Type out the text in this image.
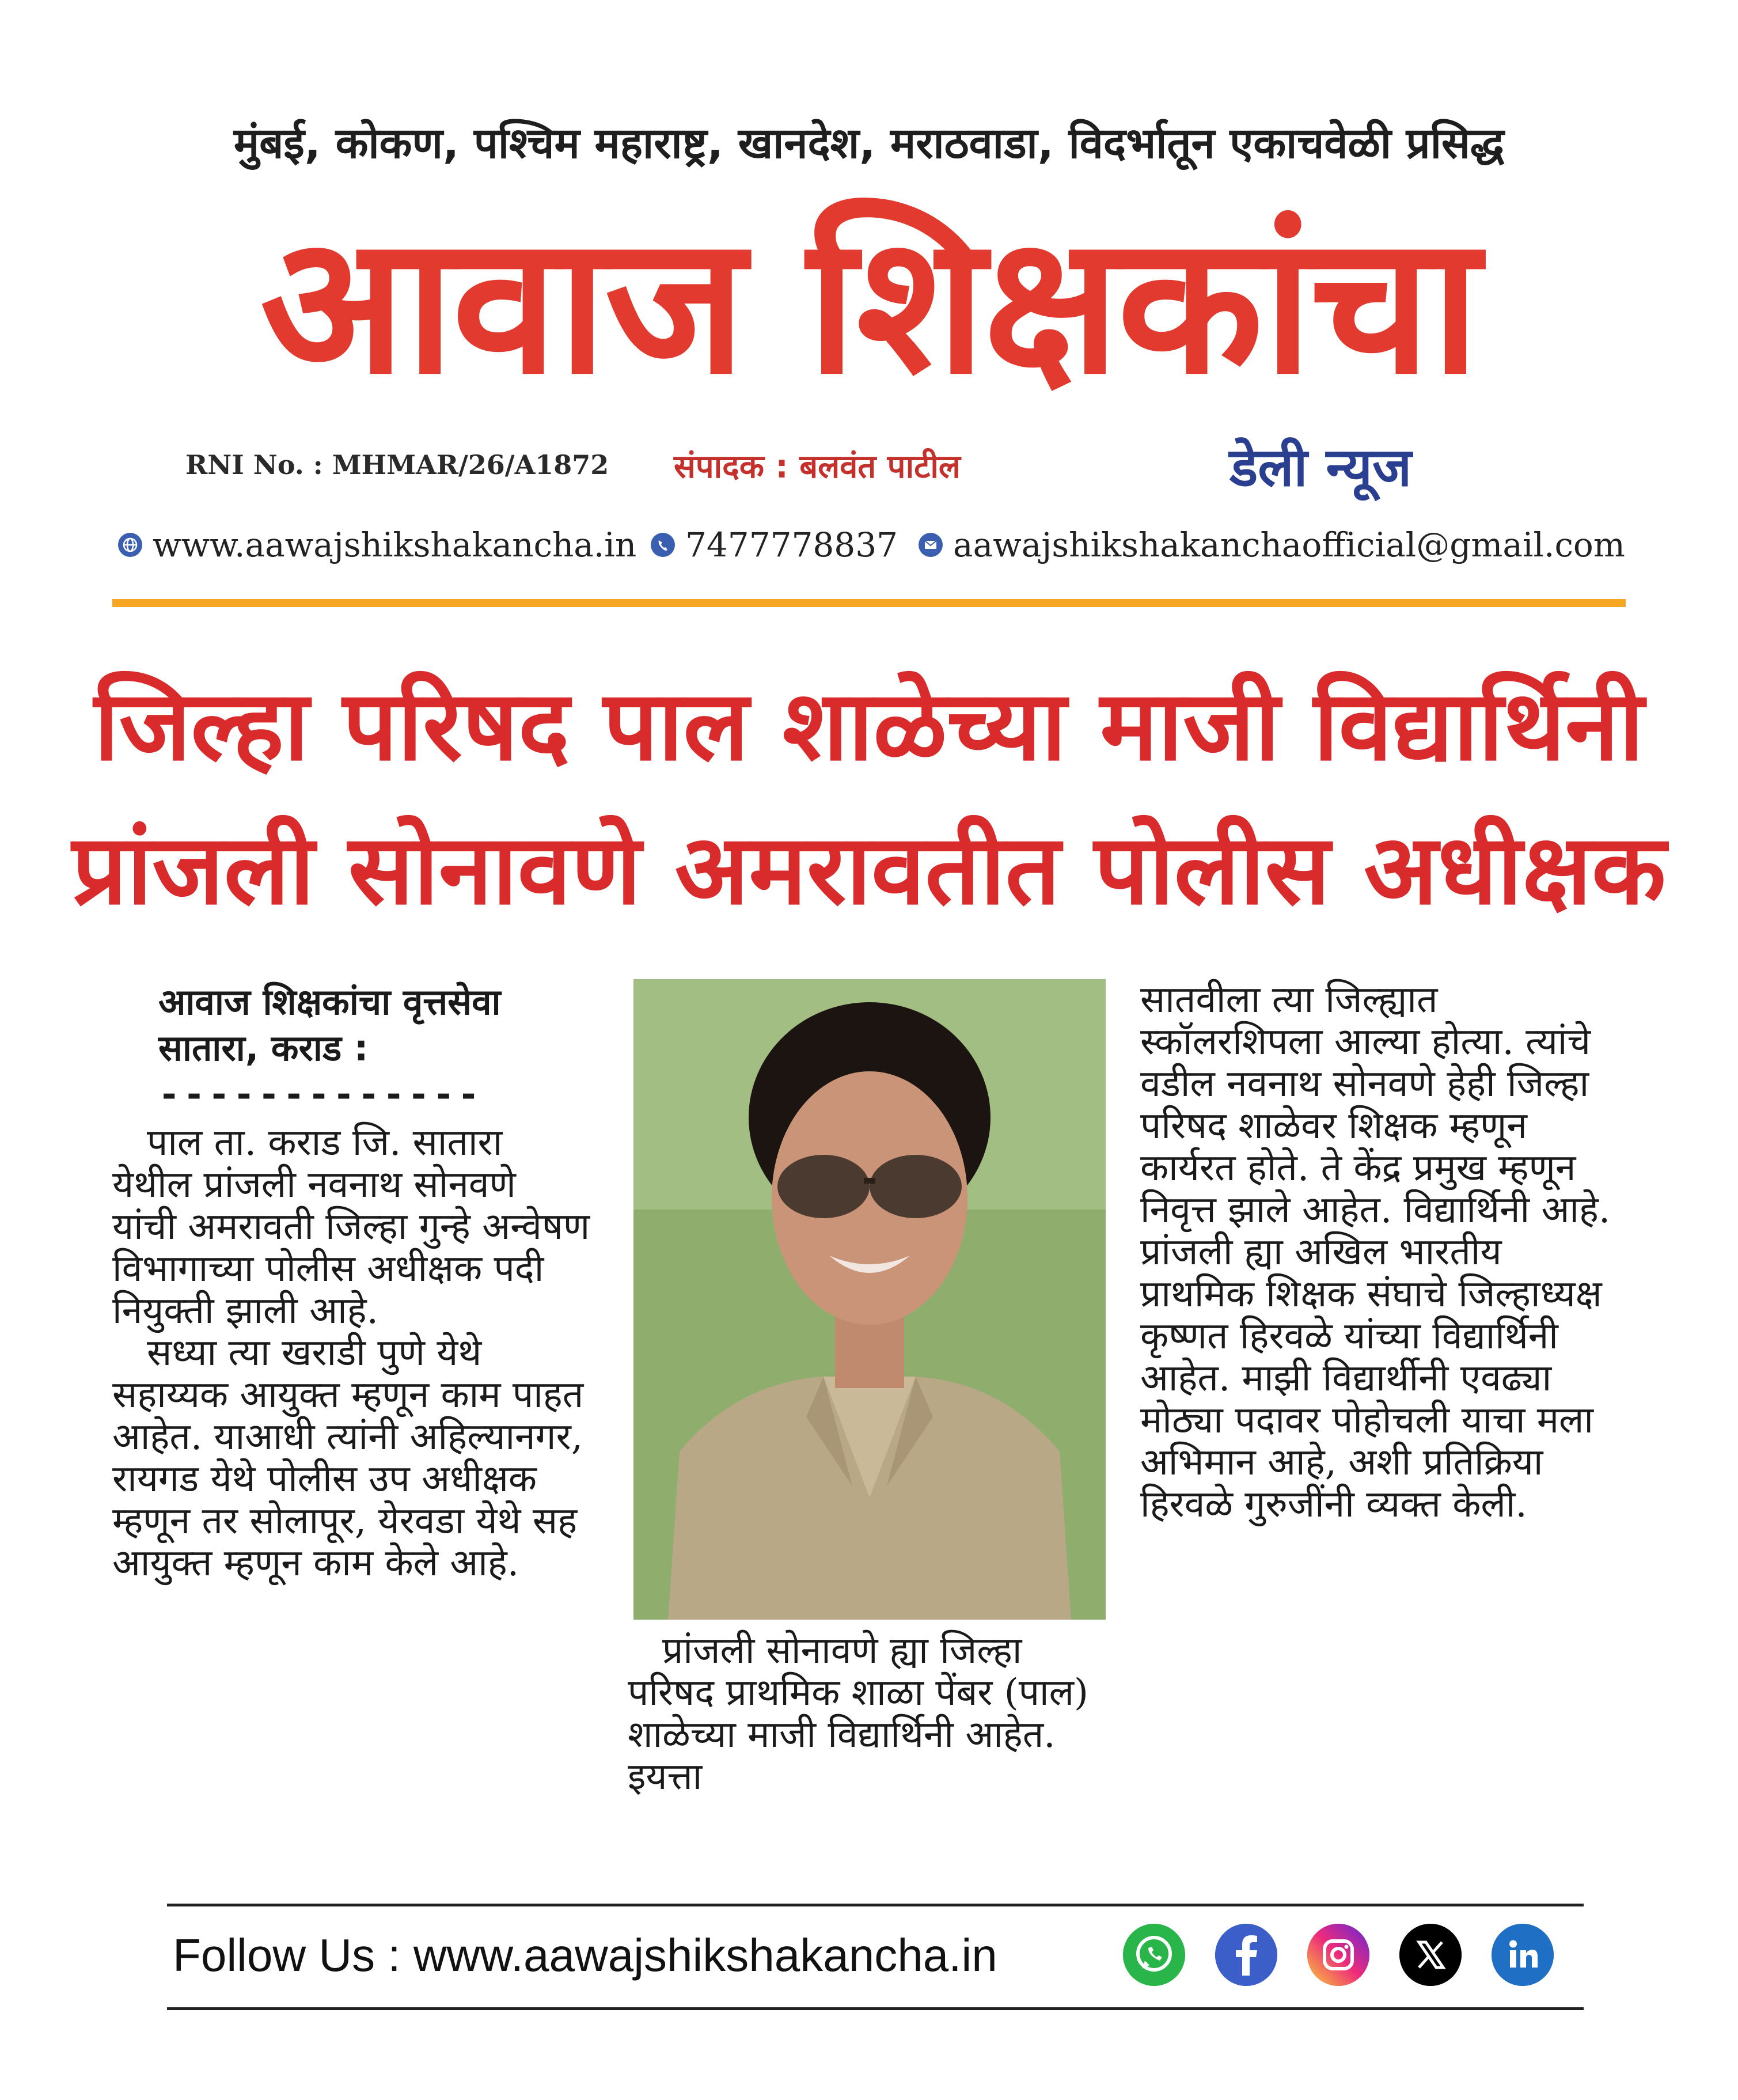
मुंबई, कोकण, पश्चिम महाराष्ट्र, खानदेश, मराठवाडा, विदर्भातून एकाचवेळी प्रसिद्ध
आवाज शिक्षकांचा
RNI No. : MHMAR/26/A1872 संपादक : बलवंत पाटील	डेली न्यूज
www.aawajshikshakancha.in 7477778837 aawajshikshakanchaofficial@gmail.com
जिल्हा परिषद पाल शाळेच्या माजी विद्यार्थिनी
प्रांजली सोनावणे अमरावतीत पोलीस अधीक्षक
आवाज शिक्षकांचा वृत्तसेवा
सातारा, कराड :
-------------

पाल ता. कराड जि. सातारा येथील प्रांजली नवनाथ सोनवणे यांची अमरावती जिल्हा गुन्हे अन्वेषण विभागाच्या पोलीस अधीक्षक पदी नियुक्ती झाली आहे.

सध्या त्या खराडी पुणे येथे सहाय्यक आयुक्त म्हणून काम पाहत आहेत. याआधी त्यांनी अहिल्यानगर, रायगड येथे पोलीस उप अधीक्षक म्हणून तर सोलापूर, येरवडा येथे सह आयुक्त म्हणून काम केले आहे.

प्रांजली सोनावणे ह्या जिल्हा परिषद प्राथमिक शाळा पेंबर (पाल) शाळेच्या माजी विद्यार्थिनी आहेत. इयत्ता

सातवीला त्या जिल्ह्यात स्कॉलरशिपला आल्या होत्या. त्यांचे वडील नवनाथ सोनवणे हेही जिल्हा परिषद शाळेवर शिक्षक म्हणून कार्यरत होते. ते केंद्र प्रमुख म्हणून निवृत्त झाले आहेत. विद्यार्थिनी आहे. प्रांजली ह्या अखिल भारतीय प्राथमिक शिक्षक संघाचे जिल्हाध्यक्ष कृष्णत हिरवळे यांच्या विद्यार्थिनी आहेत. माझी विद्यार्थीनी एवढ्या मोठ्या पदावर पोहोचली याचा मला अभिमान आहे, अशी प्रतिक्रिया हिरवळे गुरुजींनी व्यक्त केली.

Follow Us : www.aawajshikshakancha.in
